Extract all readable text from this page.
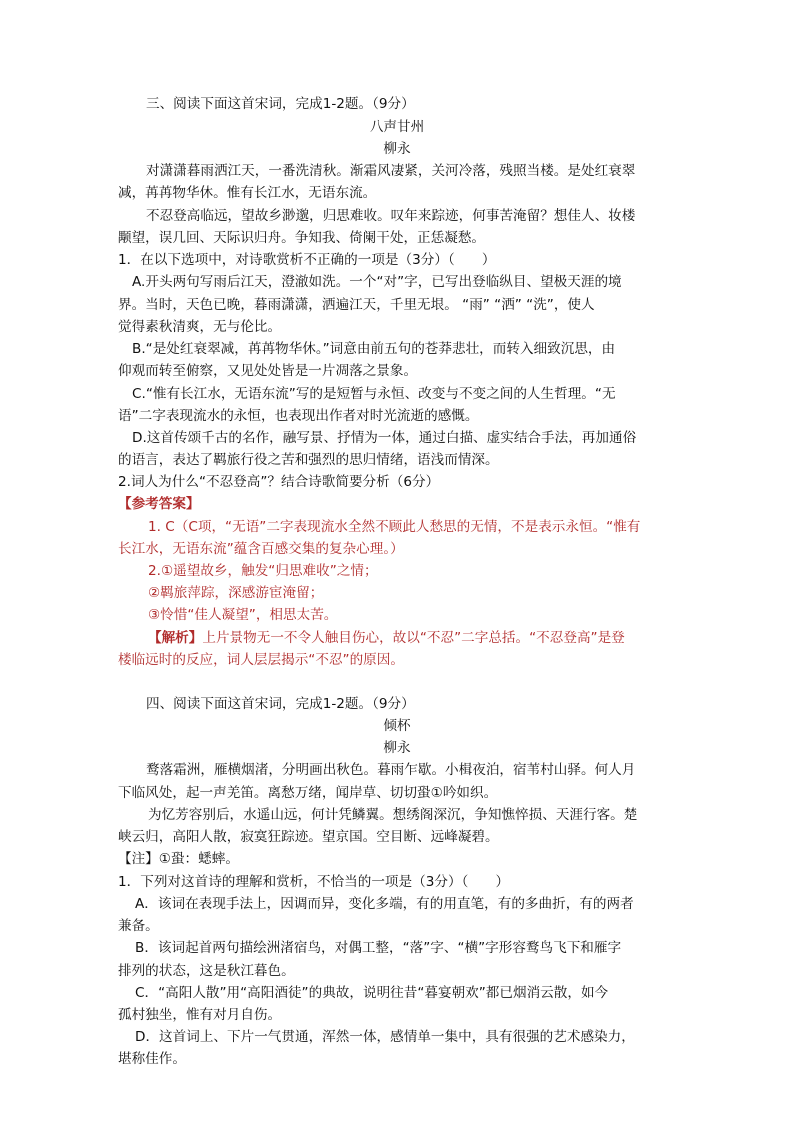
三、阅读下面这首宋词，完成1-2题。（9分）
八声甘州
柳永
对潇潇暮雨洒江天，一番洗清秋。渐霜风凄紧，关河冷落，残照当楼。是处红衰翠
减，苒苒物华休。惟有长江水，无语东流。
不忍登高临远，望故乡渺邈，归思难收。叹年来踪迹，何事苦淹留？想佳人、妆楼
颙望，误几回、天际识归舟。争知我、倚阑干处，正恁凝愁。
1．在以下选项中，对诗歌赏析不正确的一项是（3分）（　　）
A.开头两句写雨后江天，澄澈如洗。一个“对”字，已写出登临纵目、望极天涯的境
界。当时，天色已晚，暮雨潇潇，洒遍江天，千里无垠。 “雨” “洒” “洗”，使人
觉得素秋清爽，无与伦比。
B.“是处红衰翠减，苒苒物华休。”词意由前五句的苍莽悲壮，而转入细致沉思，由
仰观而转至俯察，又见处处皆是一片凋落之景象。
C.“惟有长江水，无语东流”写的是短暂与永恒、改变与不变之间的人生哲理。“无
语”二字表现流水的永恒，也表现出作者对时光流逝的感慨。
D.这首传颂千古的名作，融写景、抒情为一体，通过白描、虚实结合手法，再加通俗
的语言，表达了羁旅行役之苦和强烈的思归情绪，语浅而情深。
2.词人为什么“不忍登高”？结合诗歌简要分析（6分）
【参考答案】
1. C（C项，“无语”二字表现流水全然不顾此人愁思的无情，不是表示永恒。“惟有
长江水，无语东流”蕴含百感交集的复杂心理。）
2.①遥望故乡，触发“归思难收”之情；
②羁旅萍踪，深感游宦淹留；
③怜惜“佳人凝望”，相思太苦。
【解析】上片景物无一不令人触目伤心，故以“不忍”二字总括。“不忍登高”是登
楼临远时的反应，词人层层揭示“不忍”的原因。
四、阅读下面这首宋词，完成1-2题。（9分）
倾杯
柳永
鹜落霜洲，雁横烟渚，分明画出秋色。暮雨乍歇。小楫夜泊，宿苇村山驿。何人月
下临风处，起一声羌笛。离愁万绪，闻岸草、切切蛩①吟如织。
为忆芳容别后，水遥山远，何计凭鳞翼。想绣阁深沉，争知憔悴损、天涯行客。楚
峡云归，高阳人散，寂寞狂踪迹。望京国。空目断、远峰凝碧。
【注】①蛩：蟋蟀。
1．下列对这首诗的理解和赏析，不恰当的一项是（3分）（　　）
A．该词在表现手法上，因调而异，变化多端，有的用直笔，有的多曲折，有的两者
兼备。
B．该词起首两句描绘洲渚宿鸟，对偶工整，“落”字、“横”字形容鹜鸟飞下和雁字
排列的状态，这是秋江暮色。
C．“高阳人散”用“高阳酒徒”的典故，说明往昔“暮宴朝欢”都已烟消云散，如今
孤村独坐，惟有对月自伤。
D．这首词上、下片一气贯通，浑然一体，感情单一集中，具有很强的艺术感染力，
堪称佳作。
